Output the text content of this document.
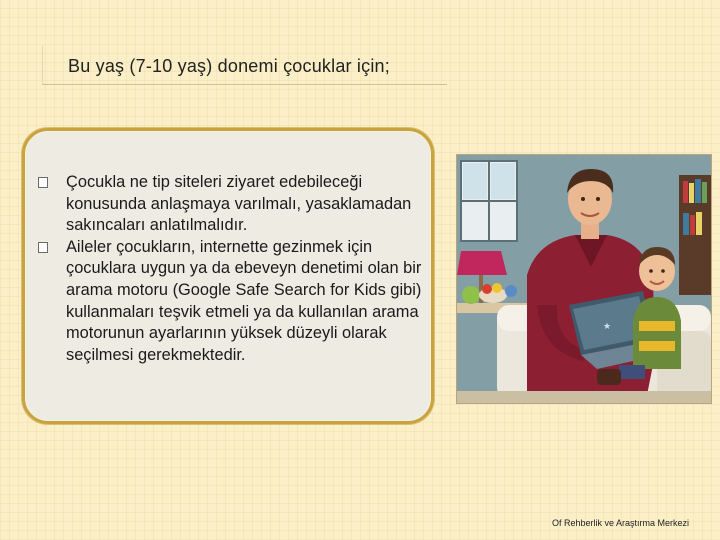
Bu yaş (7-10 yaş) donemi çocuklar için;
Çocukla ne tip siteleri ziyaret edebileceği konusunda anlaşmaya varılmalı, yasaklamadan sakıncaları anlatılmalıdır.
Aileler çocukların, internette gezinmek için çocuklara uygun ya da ebeveyn denetimi olan bir arama motoru (Google Safe Search for Kids gibi) kullanmaları teşvik etmeli ya da kullanılan arama motorunun ayarlarının yüksek düzeyli olarak seçilmesi gerekmektedir.
★
Of Rehberlik ve Araştırma Merkezi
